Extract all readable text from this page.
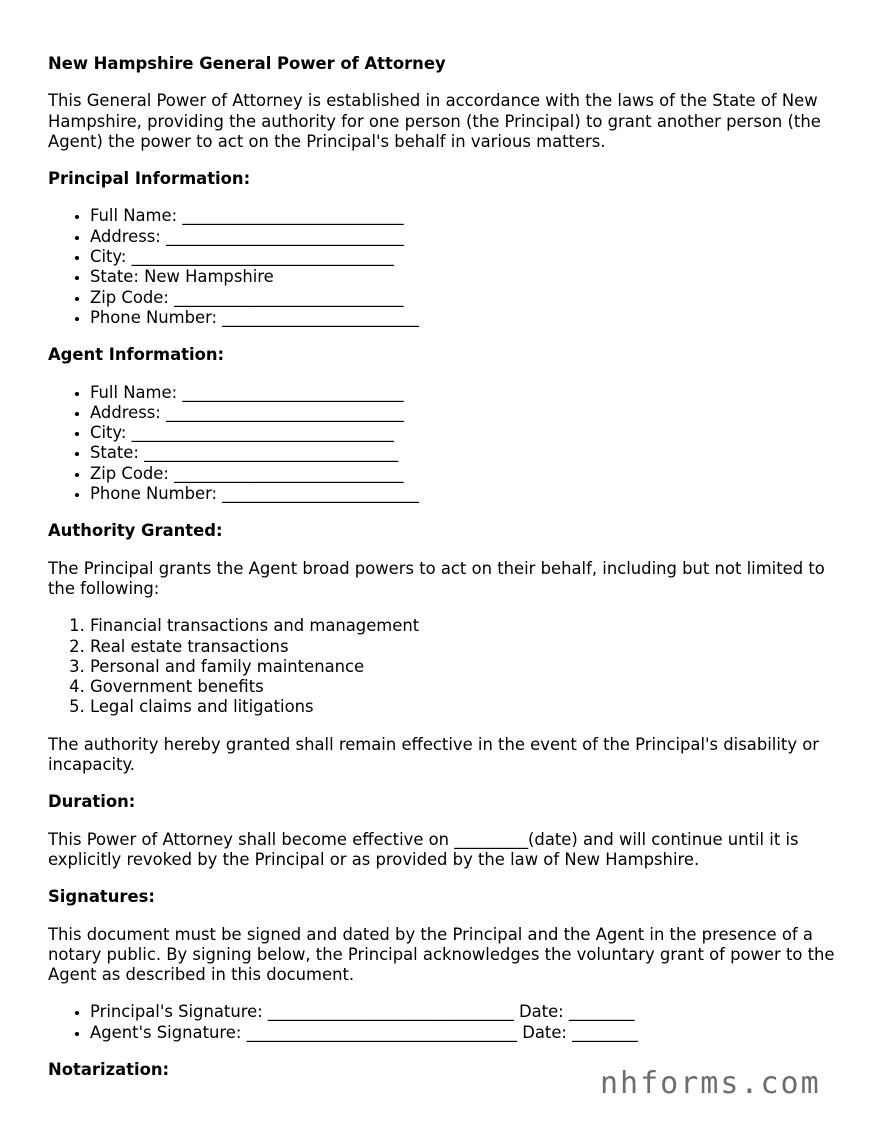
New Hampshire General Power of Attorney

This General Power of Attorney is established in accordance with the laws of the State of New Hampshire, providing the authority for one person (the Principal) to grant another person (the Agent) the power to act on the Principal's behalf in various matters.

Principal Information:
• Full Name: ___________________________
• Address: _____________________________
• City: ________________________________
• State: New Hampshire
• Zip Code: ____________________________
• Phone Number: ________________________
Agent Information:
• Full Name: ___________________________
• Address: _____________________________
• City: ________________________________
• State: _______________________________
• Zip Code: ____________________________
• Phone Number: ________________________
Authority Granted:

The Principal grants the Agent broad powers to act on their behalf, including but not limited to the following:

1. Financial transactions and management
2. Real estate transactions
3. Personal and family maintenance
4. Government benefits
5. Legal claims and litigations

The authority hereby granted shall remain effective in the event of the Principal's disability or incapacity.

Duration:

This Power of Attorney shall become effective on _________(date) and will continue until it is explicitly revoked by the Principal or as provided by the law of New Hampshire.

Signatures:

This document must be signed and dated by the Principal and the Agent in the presence of a notary public. By signing below, the Principal acknowledges the voluntary grant of power to the Agent as described in this document.

• Principal's Signature: ______________________________ Date: ________
• Agent's Signature: _________________________________ Date: ________
Notarization:	nhforms.com
